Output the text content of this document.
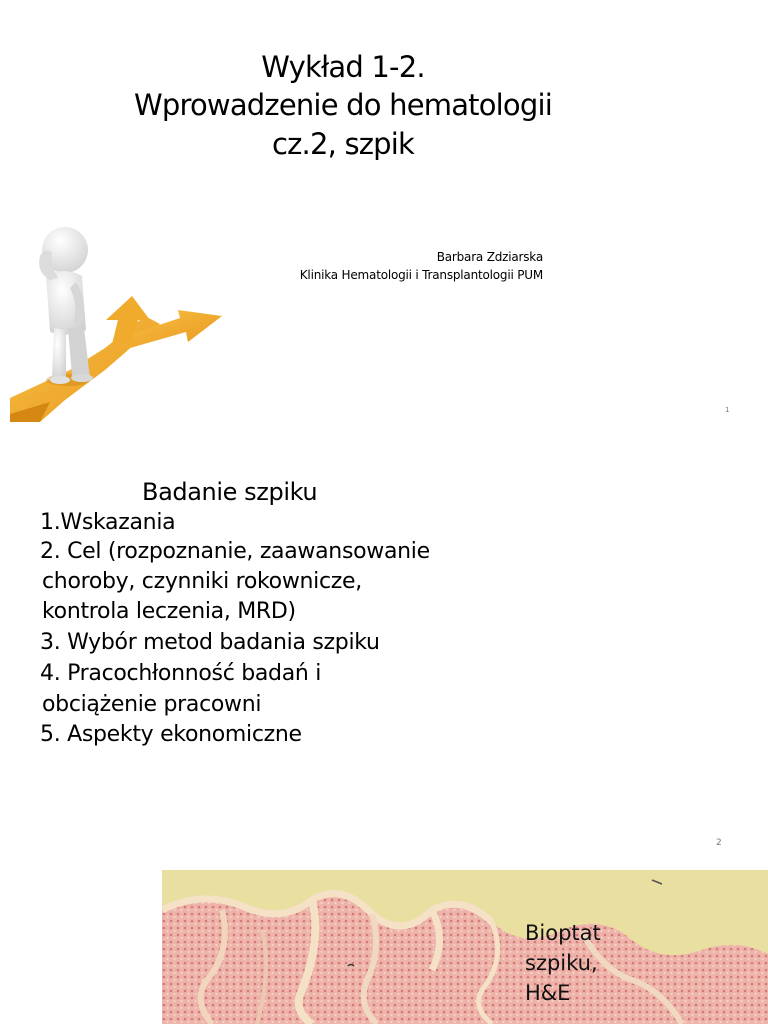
Wykład 1-2.
Wprowadzenie do hematologii
cz.2, szpik
Barbara Zdziarska
Klinika Hematologii i Transplantologii PUM
1
Badanie szpiku
1.Wskazania
2. Cel (rozpoznanie, zaawansowanie
choroby, czynniki rokownicze,
kontrola leczenia, MRD)
3. Wybór metod badania szpiku
4. Pracochłonność badań i
obciążenie pracowni
5. Aspekty ekonomiczne
2
Bioptat
szpiku,
H&E
